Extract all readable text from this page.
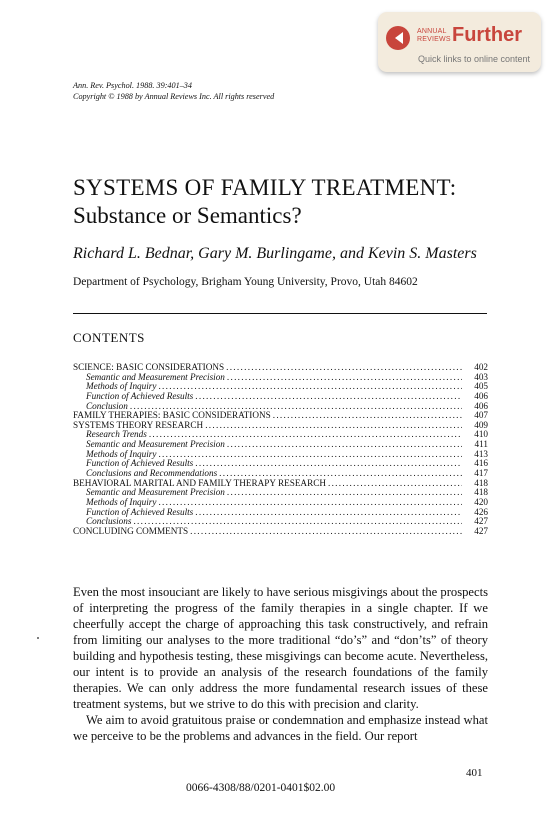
ANNUAL
REVIEWS Further
Quick links to online content
Ann. Rev. Psychol. 1988. 39:401–34
Copyright © 1988 by Annual Reviews Inc. All rights reserved
SYSTEMS OF FAMILY TREATMENT:
Substance or Semantics?
Richard L. Bednar, Gary M. Burlingame, and Kevin S. Masters
Department of Psychology, Brigham Young University, Provo, Utah 84602
CONTENTS
SCIENCE: BASIC CONSIDERATIONS .....	402
Semantic and Measurement Precision .....	403
Methods of Inquiry .....	405
Function of Achieved Results .....	406
Conclusion .....	406
FAMILY THERAPIES: BASIC CONSIDERATIONS .....	407
SYSTEMS THEORY RESEARCH .....	409
Research Trends .....	410
Semantic and Measurement Precision .....	411
Methods of Inquiry .....	413
Function of Achieved Results .....	416
Conclusions and Recommendations .....	417
BEHAVIORAL MARITAL AND FAMILY THERAPY RESEARCH .....	418
Semantic and Measurement Precision .....	418
Methods of Inquiry .....	420
Function of Achieved Results .....	426
Conclusions .....	427
CONCLUDING COMMENTS .....	427

Even the most insouciant are likely to have serious misgivings about the prospects of interpreting the progress of the family therapies in a single chapter. If we cheerfully accept the charge of approaching this task constructively, and refrain from limiting our analyses to the more traditional “do’s” and “don’ts” of theory building and hypothesis testing, these misgivings can become acute. Nevertheless, our intent is to provide an analysis of the research foundations of the family therapies. We can only address the more fundamental research issues of these treatment systems, but we strive to do this with precision and clarity.

We aim to avoid gratuitous praise or condemnation and emphasize instead what we perceive to be the problems and advances in the field. Our report

401
0066-4308/88/0201-0401$02.00
